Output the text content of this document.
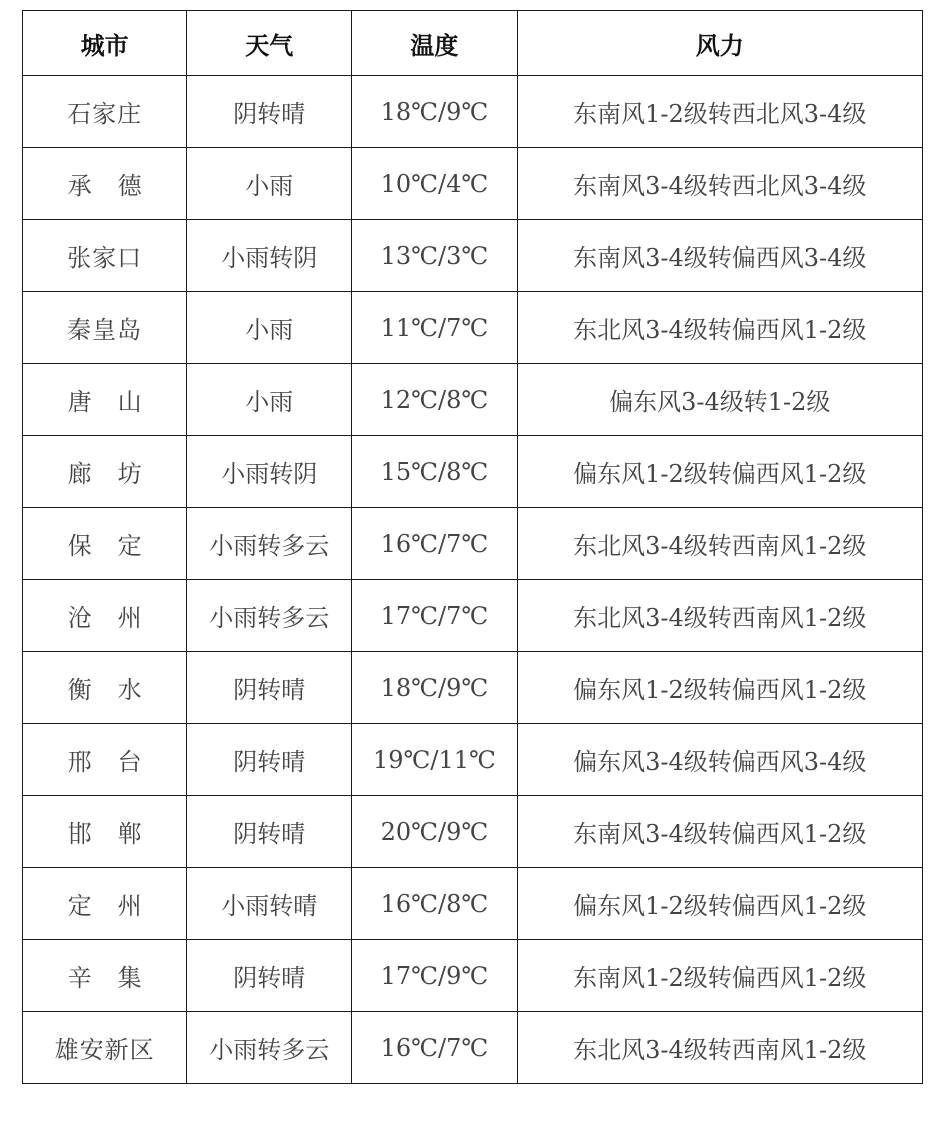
城市	天气	温度	风力
石家庄	阴转晴	18℃/9℃	东南风1-2级转西北风3-4级
承德	小雨	10℃/4℃	东南风3-4级转西北风3-4级
张家口	小雨转阴	13℃/3℃	东南风3-4级转偏西风3-4级
秦皇岛	小雨	11℃/7℃	东北风3-4级转偏西风1-2级
唐山	小雨	12℃/8℃	偏东风3-4级转1-2级
廊坊	小雨转阴	15℃/8℃	偏东风1-2级转偏西风1-2级
保定	小雨转多云	16℃/7℃	东北风3-4级转西南风1-2级
沧州	小雨转多云	17℃/7℃	东北风3-4级转西南风1-2级
衡水	阴转晴	18℃/9℃	偏东风1-2级转偏西风1-2级
邢台	阴转晴	19℃/11℃	偏东风3-4级转偏西风3-4级
邯郸	阴转晴	20℃/9℃	东南风3-4级转偏西风1-2级
定州	小雨转晴	16℃/8℃	偏东风1-2级转偏西风1-2级
辛集	阴转晴	17℃/9℃	东南风1-2级转偏西风1-2级
雄安新区	小雨转多云	16℃/7℃	东北风3-4级转西南风1-2级
